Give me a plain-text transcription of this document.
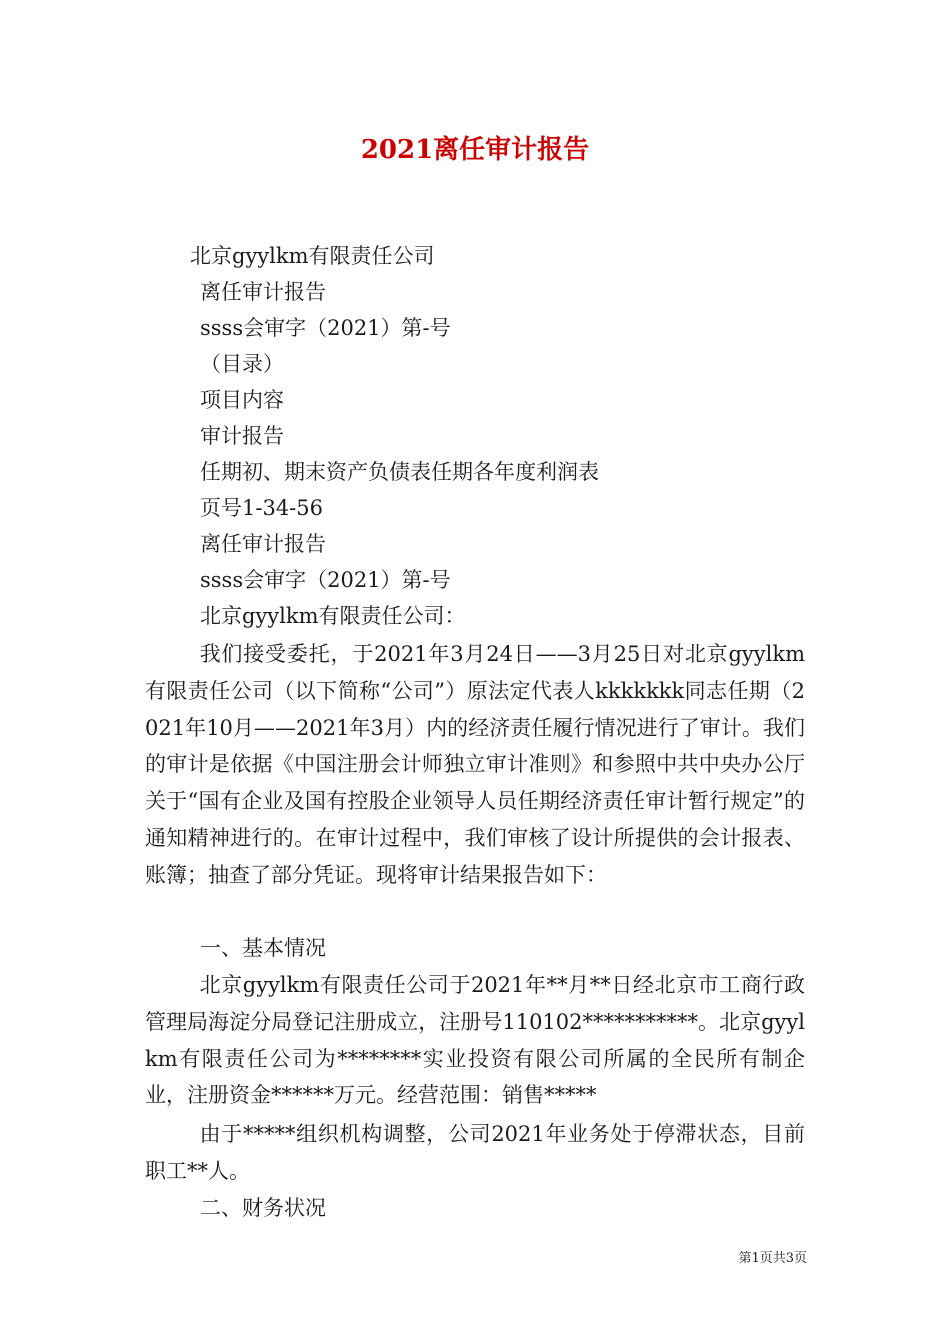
2021离任审计报告
北京gyylkm有限责任公司
离任审计报告
ssss会审字（2021）第-号
（目录）
项目内容
审计报告
任期初、期末资产负债表任期各年度利润表
页号1-34-56
离任审计报告
ssss会审字（2021）第-号
北京gyylkm有限责任公司：
我们接受委托，于2021年3月24日——3月25日对北京gyylkm有限责任公司（以下简称“公司”）原法定代表人kkkkkkk同志任期（2021年10月——2021年3月）内的经济责任履行情况进行了审计。我们的审计是依据《中国注册会计师独立审计准则》和参照中共中央办公厅关于“国有企业及国有控股企业领导人员任期经济责任审计暂行规定”的通知精神进行的。在审计过程中，我们审核了设计所提供的会计报表、账簿；抽查了部分凭证。现将审计结果报告如下：
一、基本情况
北京gyylkm有限责任公司于2021年**月**日经北京市工商行政管理局海淀分局登记注册成立，注册号110102***********。北京gyylkm有限责任公司为********实业投资有限公司所属的全民所有制企业，注册资金******万元。经营范围：销售*****
由于*****组织机构调整，公司2021年业务处于停滞状态，目前职工**人。
二、财务状况
第1页共3页
